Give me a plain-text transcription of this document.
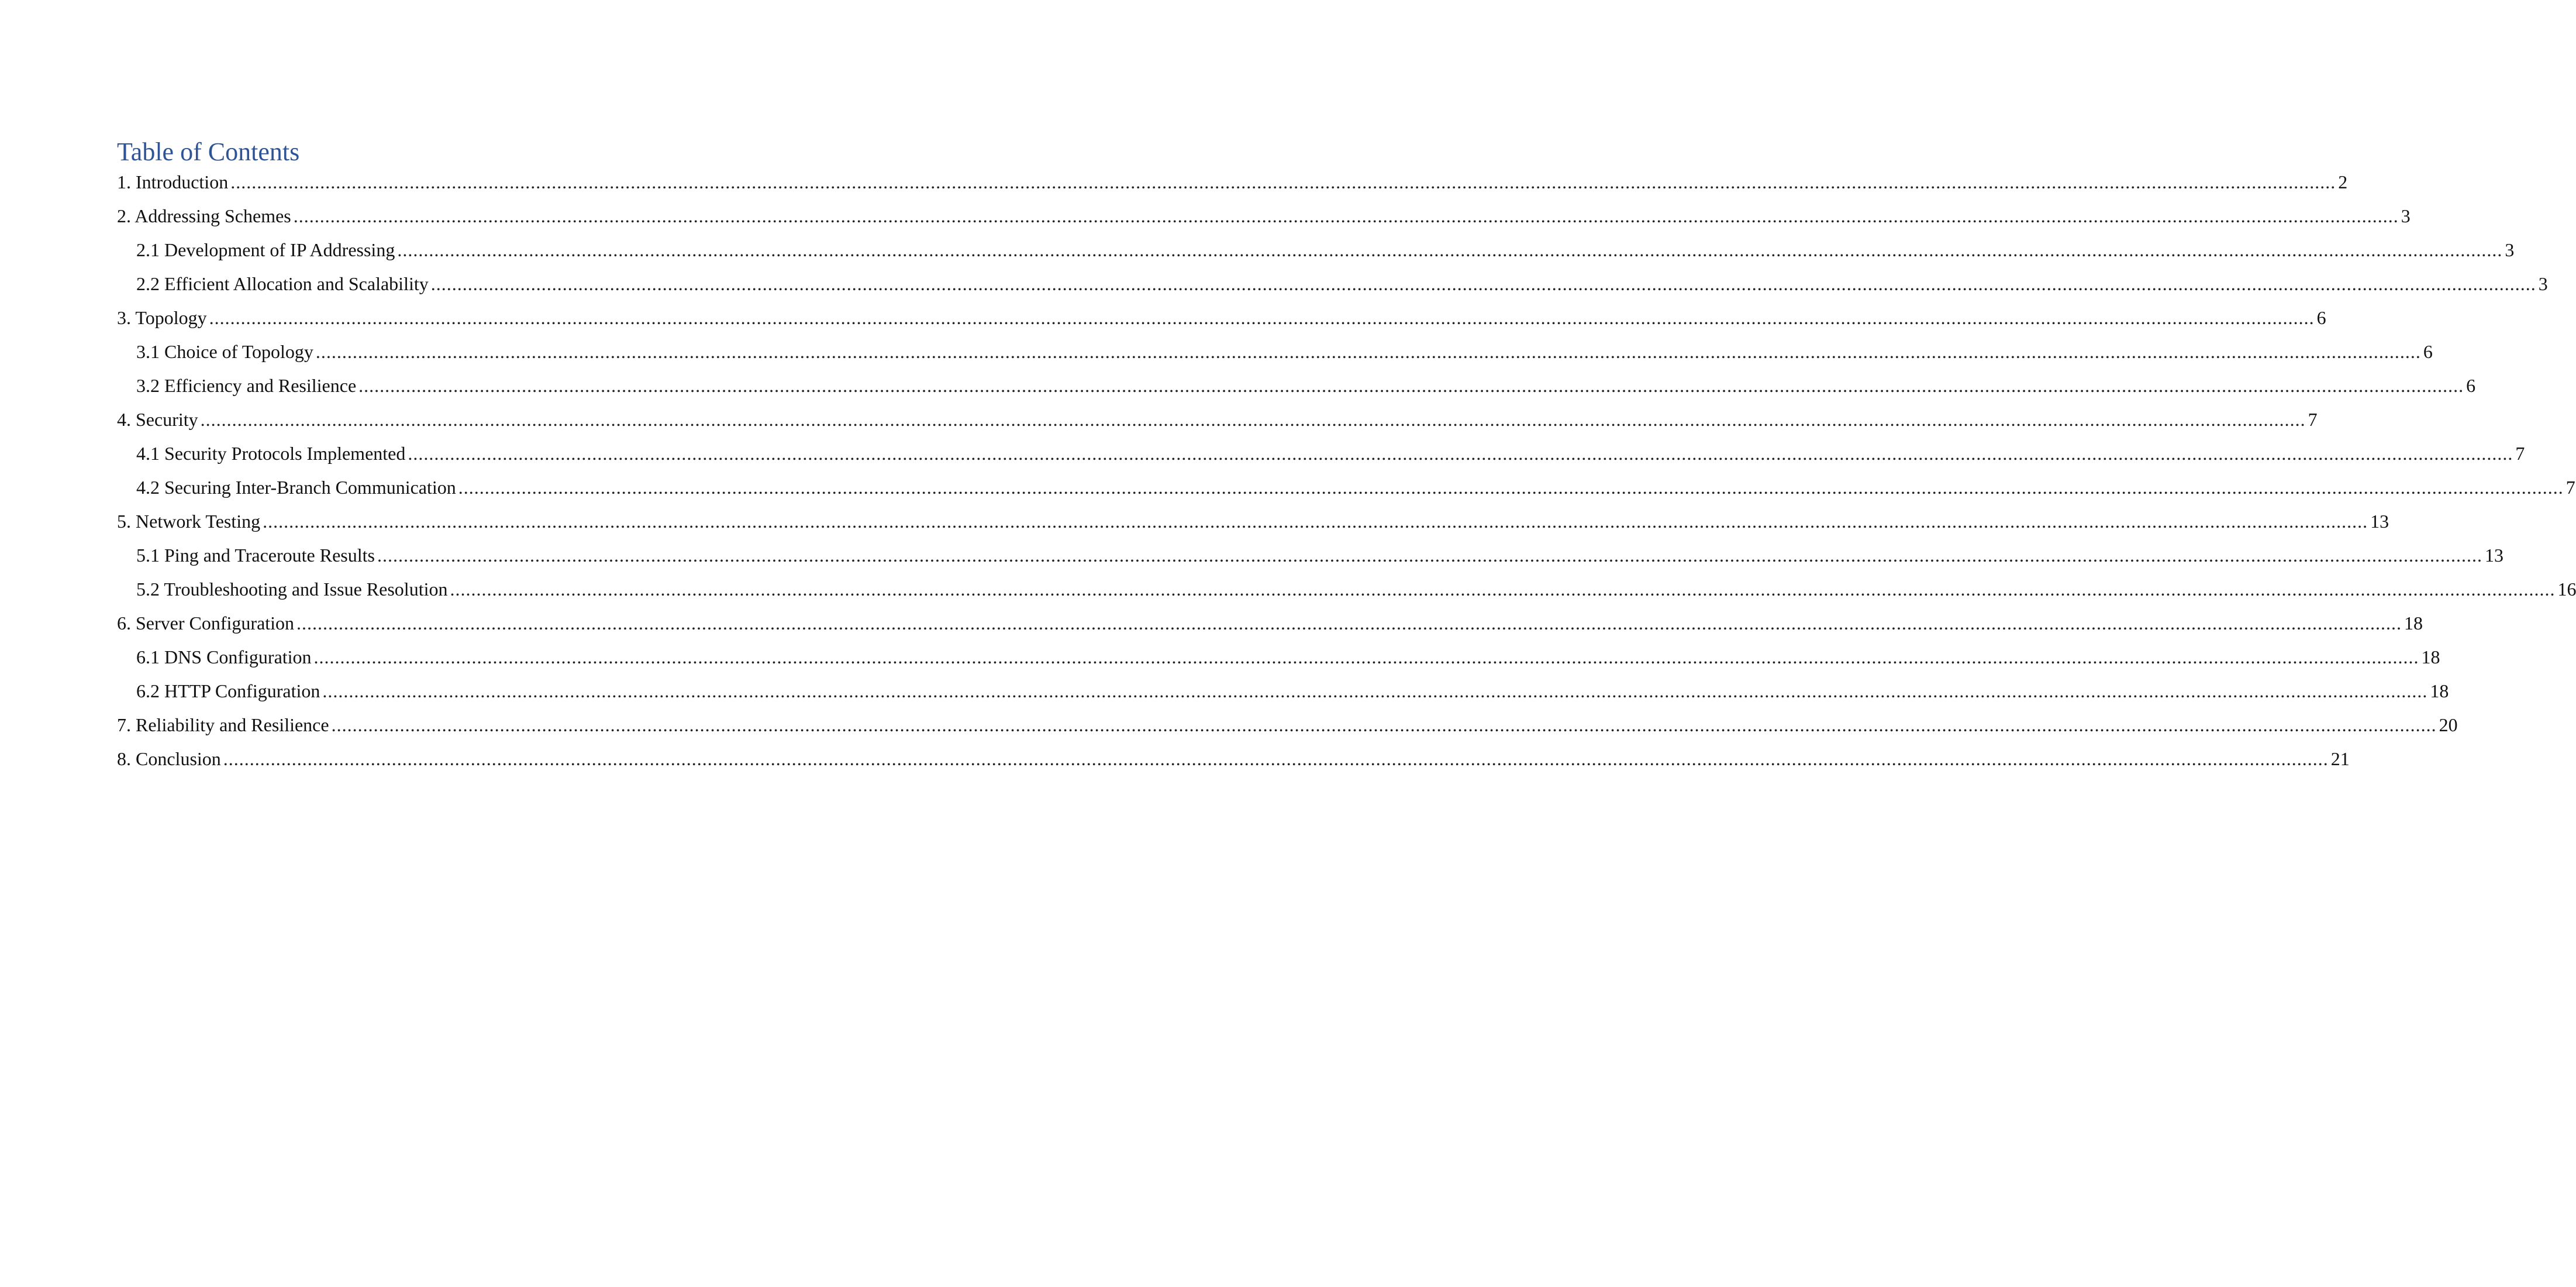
Table of Contents
1. Introduction ................................................................................................................................................................................................................................................................................................................................................................................................................ 2
2. Addressing Schemes ................................................................................................................................................................................................................................................................................................................................................................................................................ 3
2.1 Development of IP Addressing ................................................................................................................................................................................................................................................................................................................................................................................................................ 3
2.2 Efficient Allocation and Scalability ................................................................................................................................................................................................................................................................................................................................................................................................................ 3
3. Topology ................................................................................................................................................................................................................................................................................................................................................................................................................ 6
3.1 Choice of Topology ................................................................................................................................................................................................................................................................................................................................................................................................................ 6
3.2 Efficiency and Resilience ................................................................................................................................................................................................................................................................................................................................................................................................................ 6
4. Security ................................................................................................................................................................................................................................................................................................................................................................................................................ 7
4.1 Security Protocols Implemented ................................................................................................................................................................................................................................................................................................................................................................................................................ 7
4.2 Securing Inter-Branch Communication ................................................................................................................................................................................................................................................................................................................................................................................................................ 7
5. Network Testing ................................................................................................................................................................................................................................................................................................................................................................................................................ 13
5.1 Ping and Traceroute Results ................................................................................................................................................................................................................................................................................................................................................................................................................ 13
5.2 Troubleshooting and Issue Resolution ................................................................................................................................................................................................................................................................................................................................................................................................................ 16
6. Server Configuration ................................................................................................................................................................................................................................................................................................................................................................................................................ 18
6.1 DNS Configuration ................................................................................................................................................................................................................................................................................................................................................................................................................ 18
6.2 HTTP Configuration ................................................................................................................................................................................................................................................................................................................................................................................................................ 18
7. Reliability and Resilience ................................................................................................................................................................................................................................................................................................................................................................................................................ 20
8. Conclusion ................................................................................................................................................................................................................................................................................................................................................................................................................ 21
